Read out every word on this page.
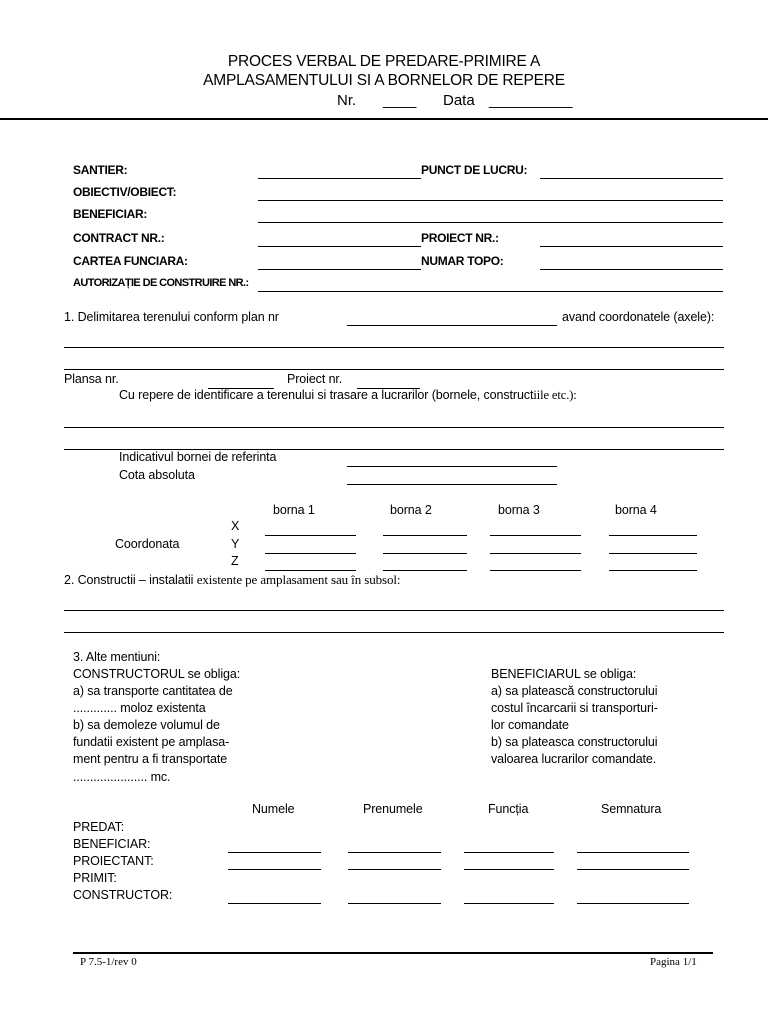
PROCES VERBAL DE PREDARE-PRIMIRE A
AMPLASAMENTULUI SI A BORNELOR DE REPERE
Nr. ____ Data __________
SANTIER:	PUNCT DE LUCRU:
OBIECTIV/OBIECT:
BENEFICIAR:
CONTRACT NR.:	PROIECT NR.:
CARTEA FUNCIARA:	NUMAR TOPO:
AUTORIZAȚIE DE CONSTRUIRE NR.:
1. Delimitarea terenului conform plan nr	avand coordonatele (axele):
Plansa nr.	Proiect nr.
Cu repere de identificare a terenului si trasare a lucrarilor (bornele, constructiile etc.):
Indicativul bornei de referinta
Cota absoluta
borna 1	borna 2	borna 3	borna 4
X
Y
Z
Coordonata
2. Constructii – instalatii existente pe amplasament sau în subsol:
3. Alte mentiuni:
CONSTRUCTORUL se obliga:
a) sa transporte cantitatea de
............. moloz existenta
b) sa demoleze volumul de
fundatii existent pe amplasa-
ment pentru a fi transportate
...................... mc.
BENEFICIARUL se obliga:
a) sa platească constructorului
costul încarcarii si transporturi-
lor comandate
b) sa plateasca constructorului
valoarea lucrarilor comandate.
Numele	Prenumele	Funcția	Semnatura
PREDAT:
BENEFICIAR:
PROIECTANT:
PRIMIT:
CONSTRUCTOR:
P 7.5-1/rev 0	Pagina 1/1
